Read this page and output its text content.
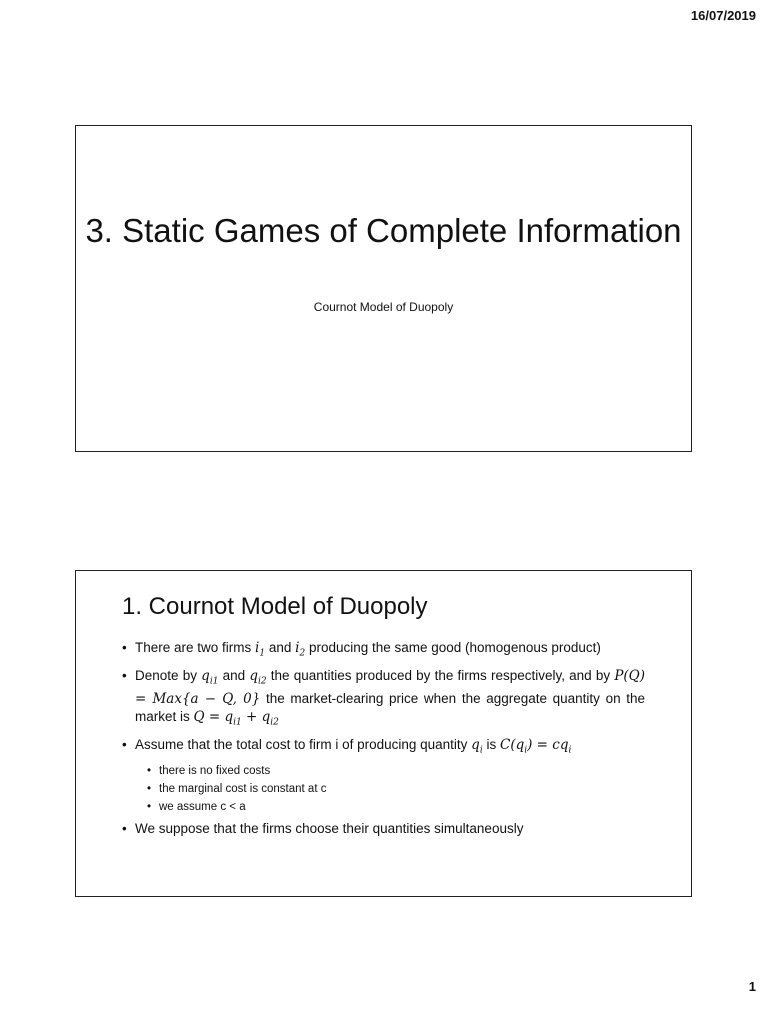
16/07/2019
3. Static Games of Complete Information
Cournot Model of Duopoly
1. Cournot Model of Duopoly
• There are two firms $i_1$ and $i_2$ producing the same good (homogenous product)
• Denote by $q_{i1}$ and $q_{i2}$ the quantities produced by the firms respectively, and by P(Q) = Max{a − Q, 0} the market-clearing price when the aggregate quantity on the market is $Q = q_{i1} + q_{i2}$
• Assume that the total cost to firm i of producing quantity $q_i$ is $C(q_i) = cq_i$
• there is no fixed costs
• the marginal cost is constant at c
• we assume c < a
• We suppose that the firms choose their quantities simultaneously
1
